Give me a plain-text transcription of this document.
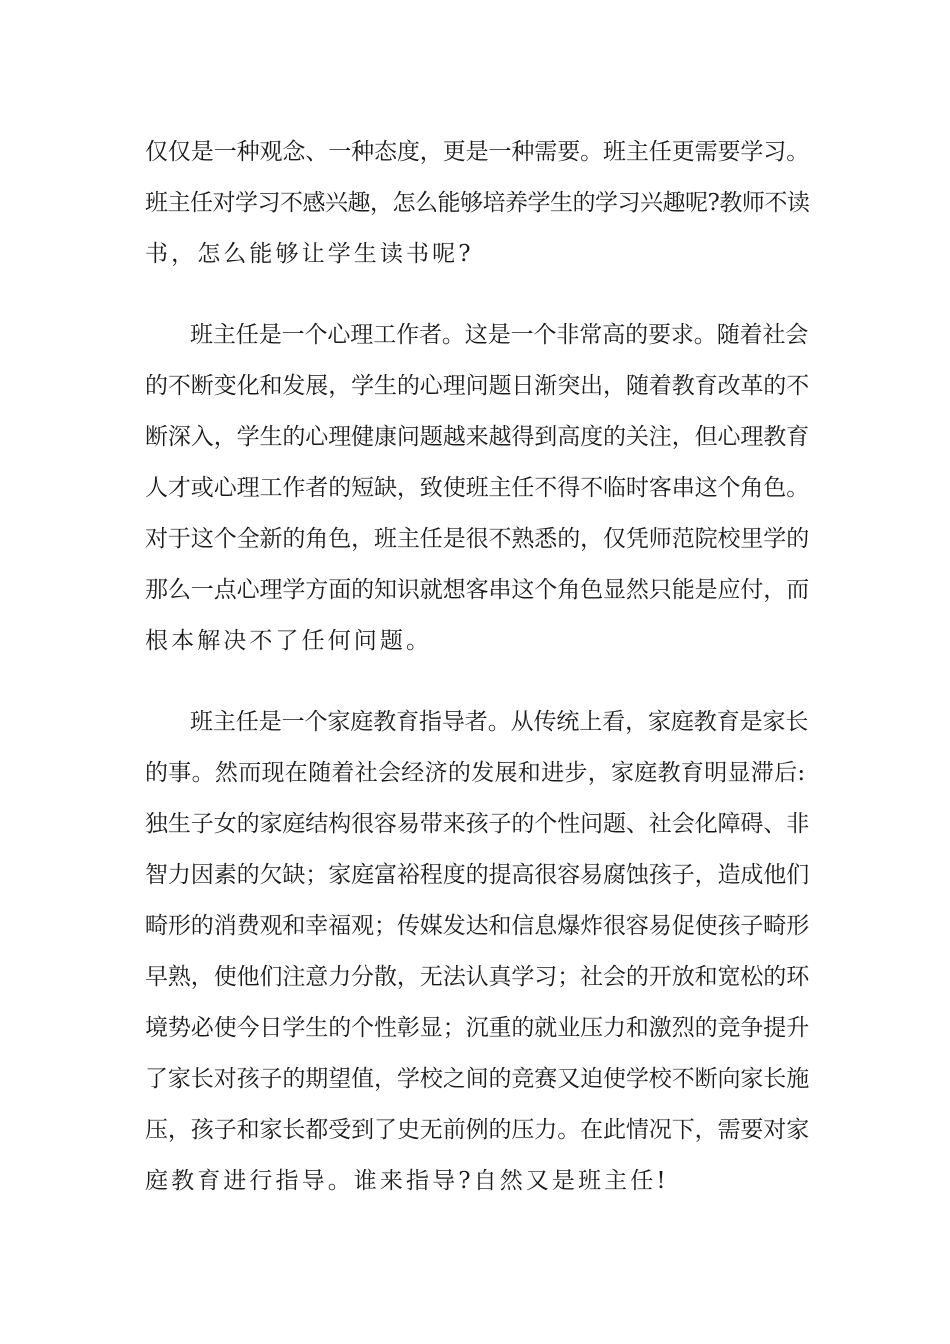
仅仅是一种观念、一种态度，更是一种需要。班主任更需要学习。
班主任对学习不感兴趣，怎么能够培养学生的学习兴趣呢?教师不读
书，怎么能够让学生读书呢?
班主任是一个心理工作者。这是一个非常高的要求。随着社会
的不断变化和发展，学生的心理问题日渐突出，随着教育改革的不
断深入，学生的心理健康问题越来越得到高度的关注，但心理教育
人才或心理工作者的短缺，致使班主任不得不临时客串这个角色。
对于这个全新的角色，班主任是很不熟悉的，仅凭师范院校里学的
那么一点心理学方面的知识就想客串这个角色显然只能是应付，而
根本解决不了任何问题。
班主任是一个家庭教育指导者。从传统上看，家庭教育是家长
的事。然而现在随着社会经济的发展和进步，家庭教育明显滞后:
独生子女的家庭结构很容易带来孩子的个性问题、社会化障碍、非
智力因素的欠缺；家庭富裕程度的提高很容易腐蚀孩子，造成他们
畸形的消费观和幸福观；传媒发达和信息爆炸很容易促使孩子畸形
早熟，使他们注意力分散，无法认真学习；社会的开放和宽松的环
境势必使今日学生的个性彰显；沉重的就业压力和激烈的竞争提升
了家长对孩子的期望值，学校之间的竞赛又迫使学校不断向家长施
压，孩子和家长都受到了史无前例的压力。在此情况下，需要对家
庭教育进行指导。谁来指导?自然又是班主任!
